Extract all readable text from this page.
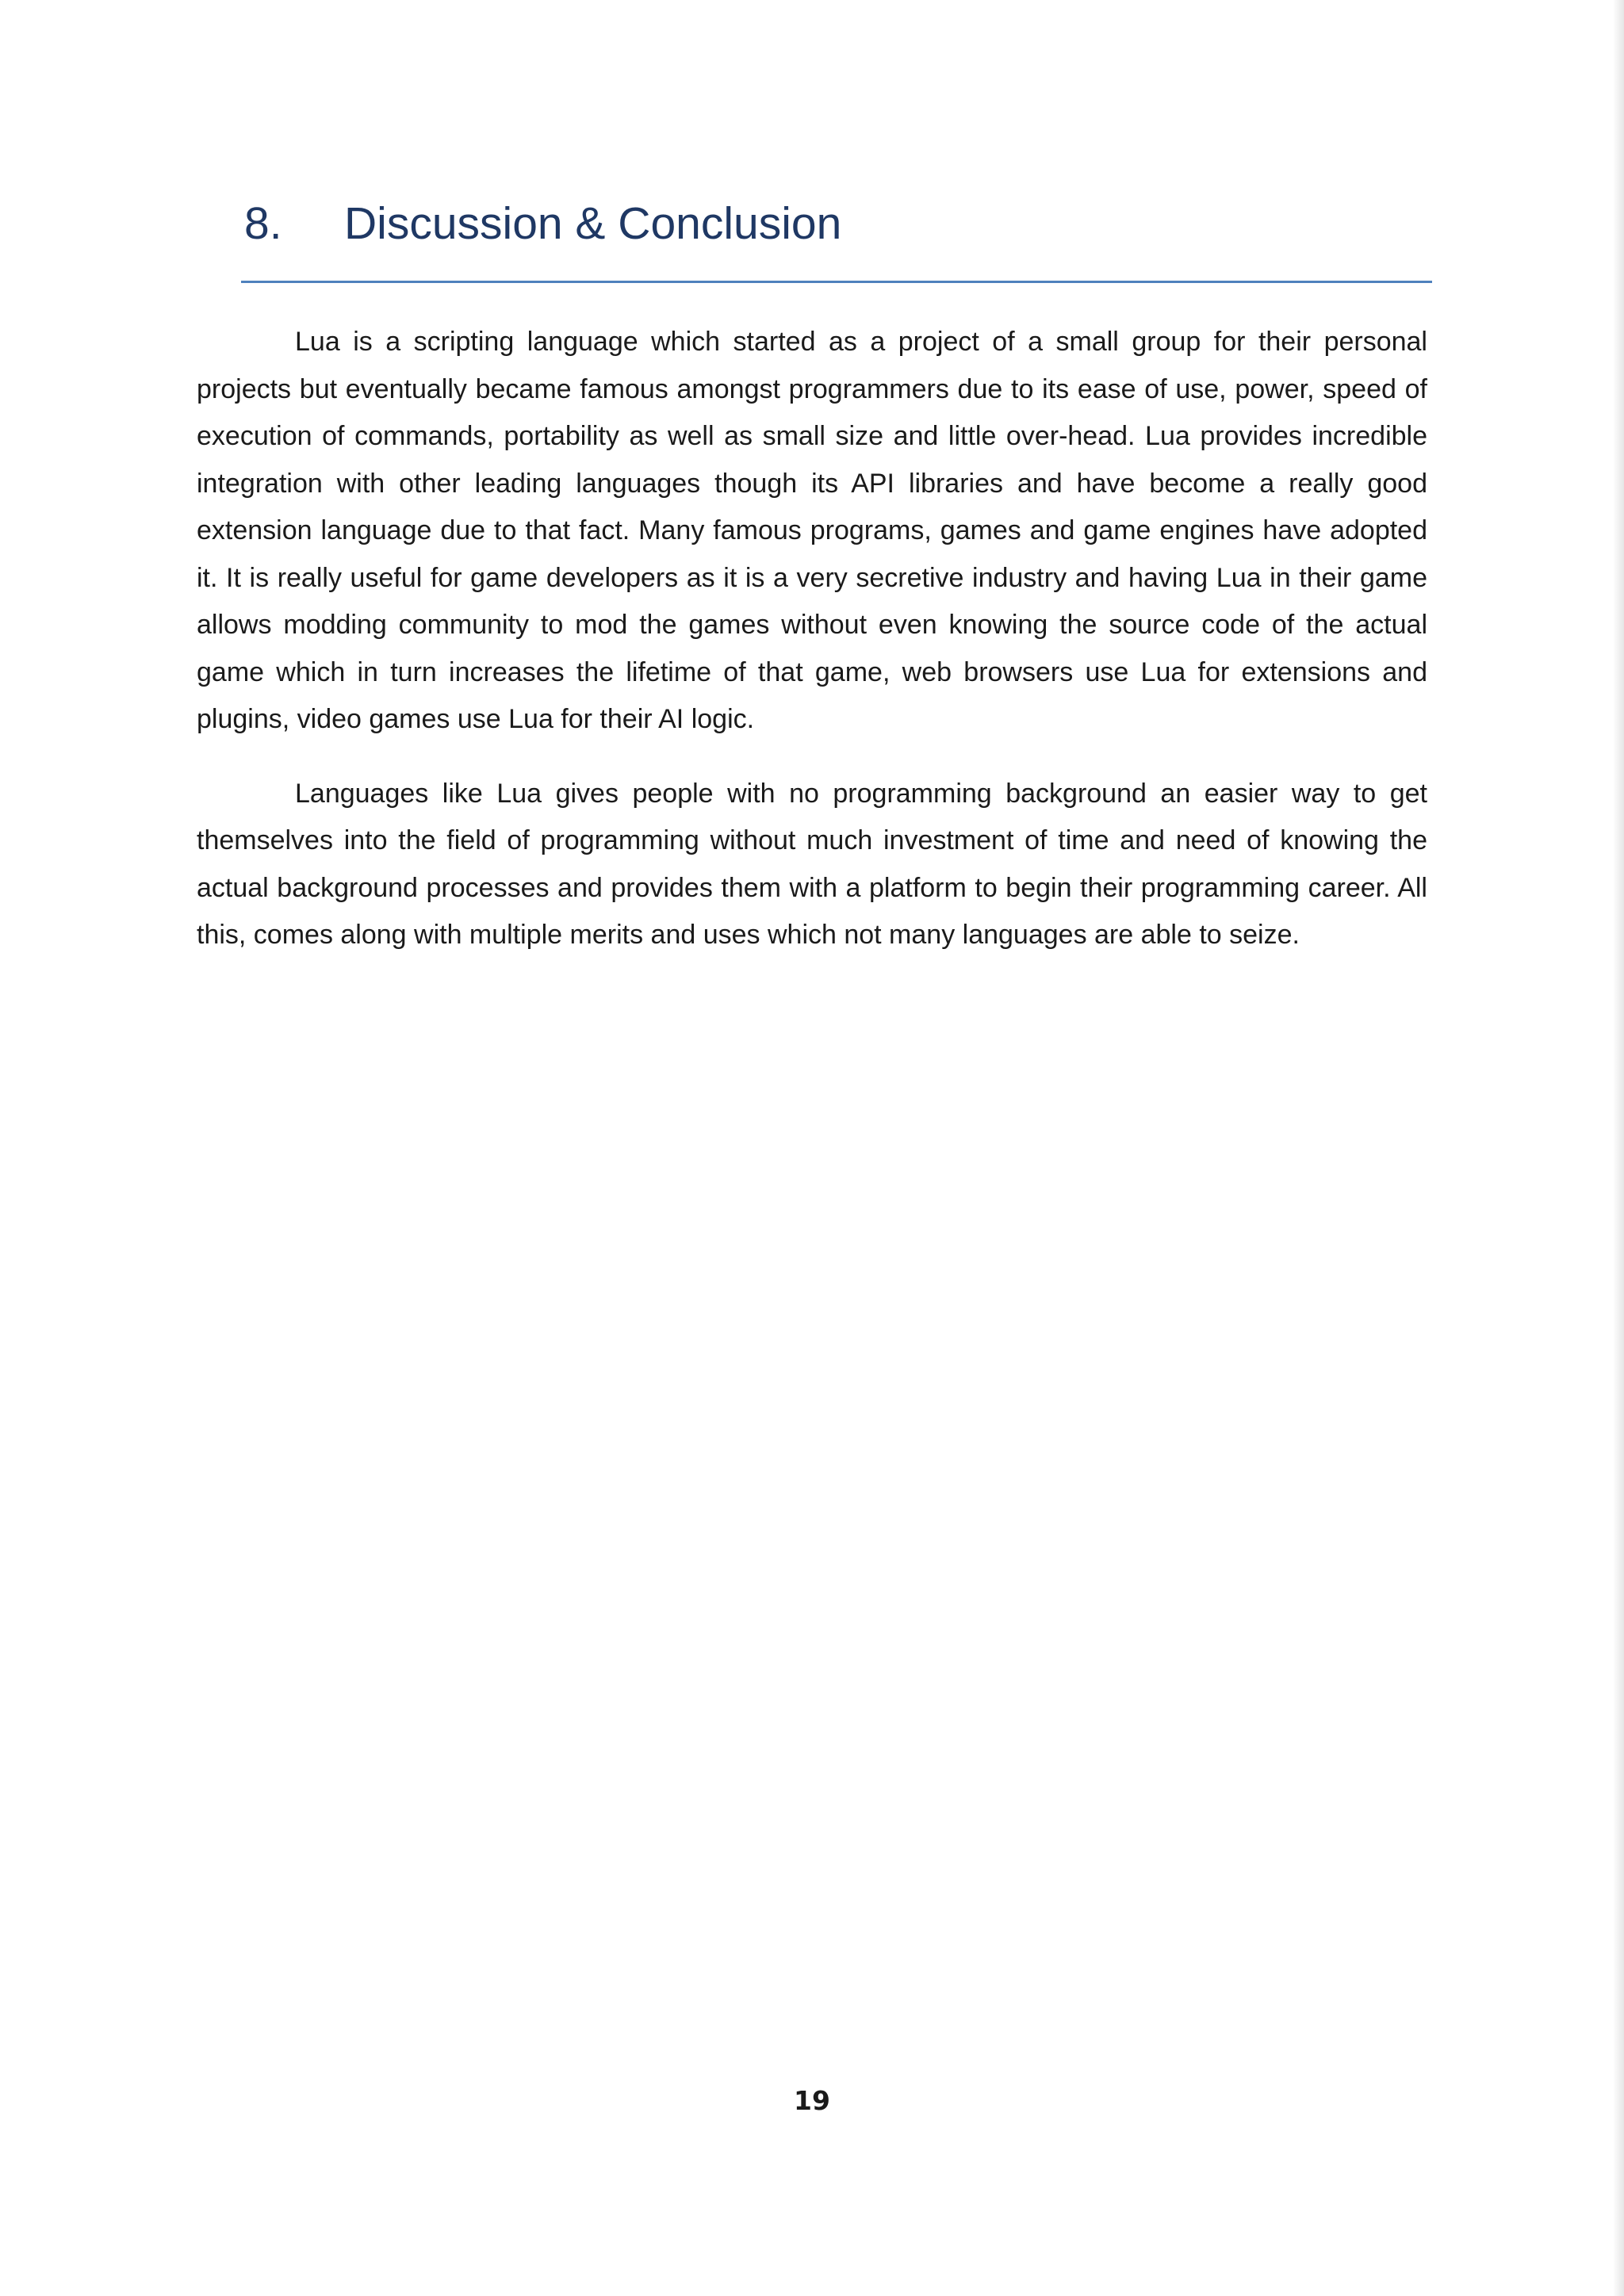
8.	Discussion & Conclusion

Lua is a scripting language which started as a project of a small group for their personal projects but eventually became famous amongst programmers due to its ease of use, power, speed of execution of commands, portability as well as small size and little over-head. Lua provides incredible integration with other leading languages though its API libraries and have become a really good extension language due to that fact. Many famous programs, games and game engines have adopted it. It is really useful for game developers as it is a very secretive industry and having Lua in their game allows modding community to mod the games without even knowing the source code of the actual game which in turn increases the lifetime of that game, web browsers use Lua for extensions and plugins, video games use Lua for their AI logic.

Languages like Lua gives people with no programming background an easier way to get themselves into the field of programming without much investment of time and need of knowing the actual background processes and provides them with a platform to begin their programming career. All this, comes along with multiple merits and uses which not many languages are able to seize.

19
